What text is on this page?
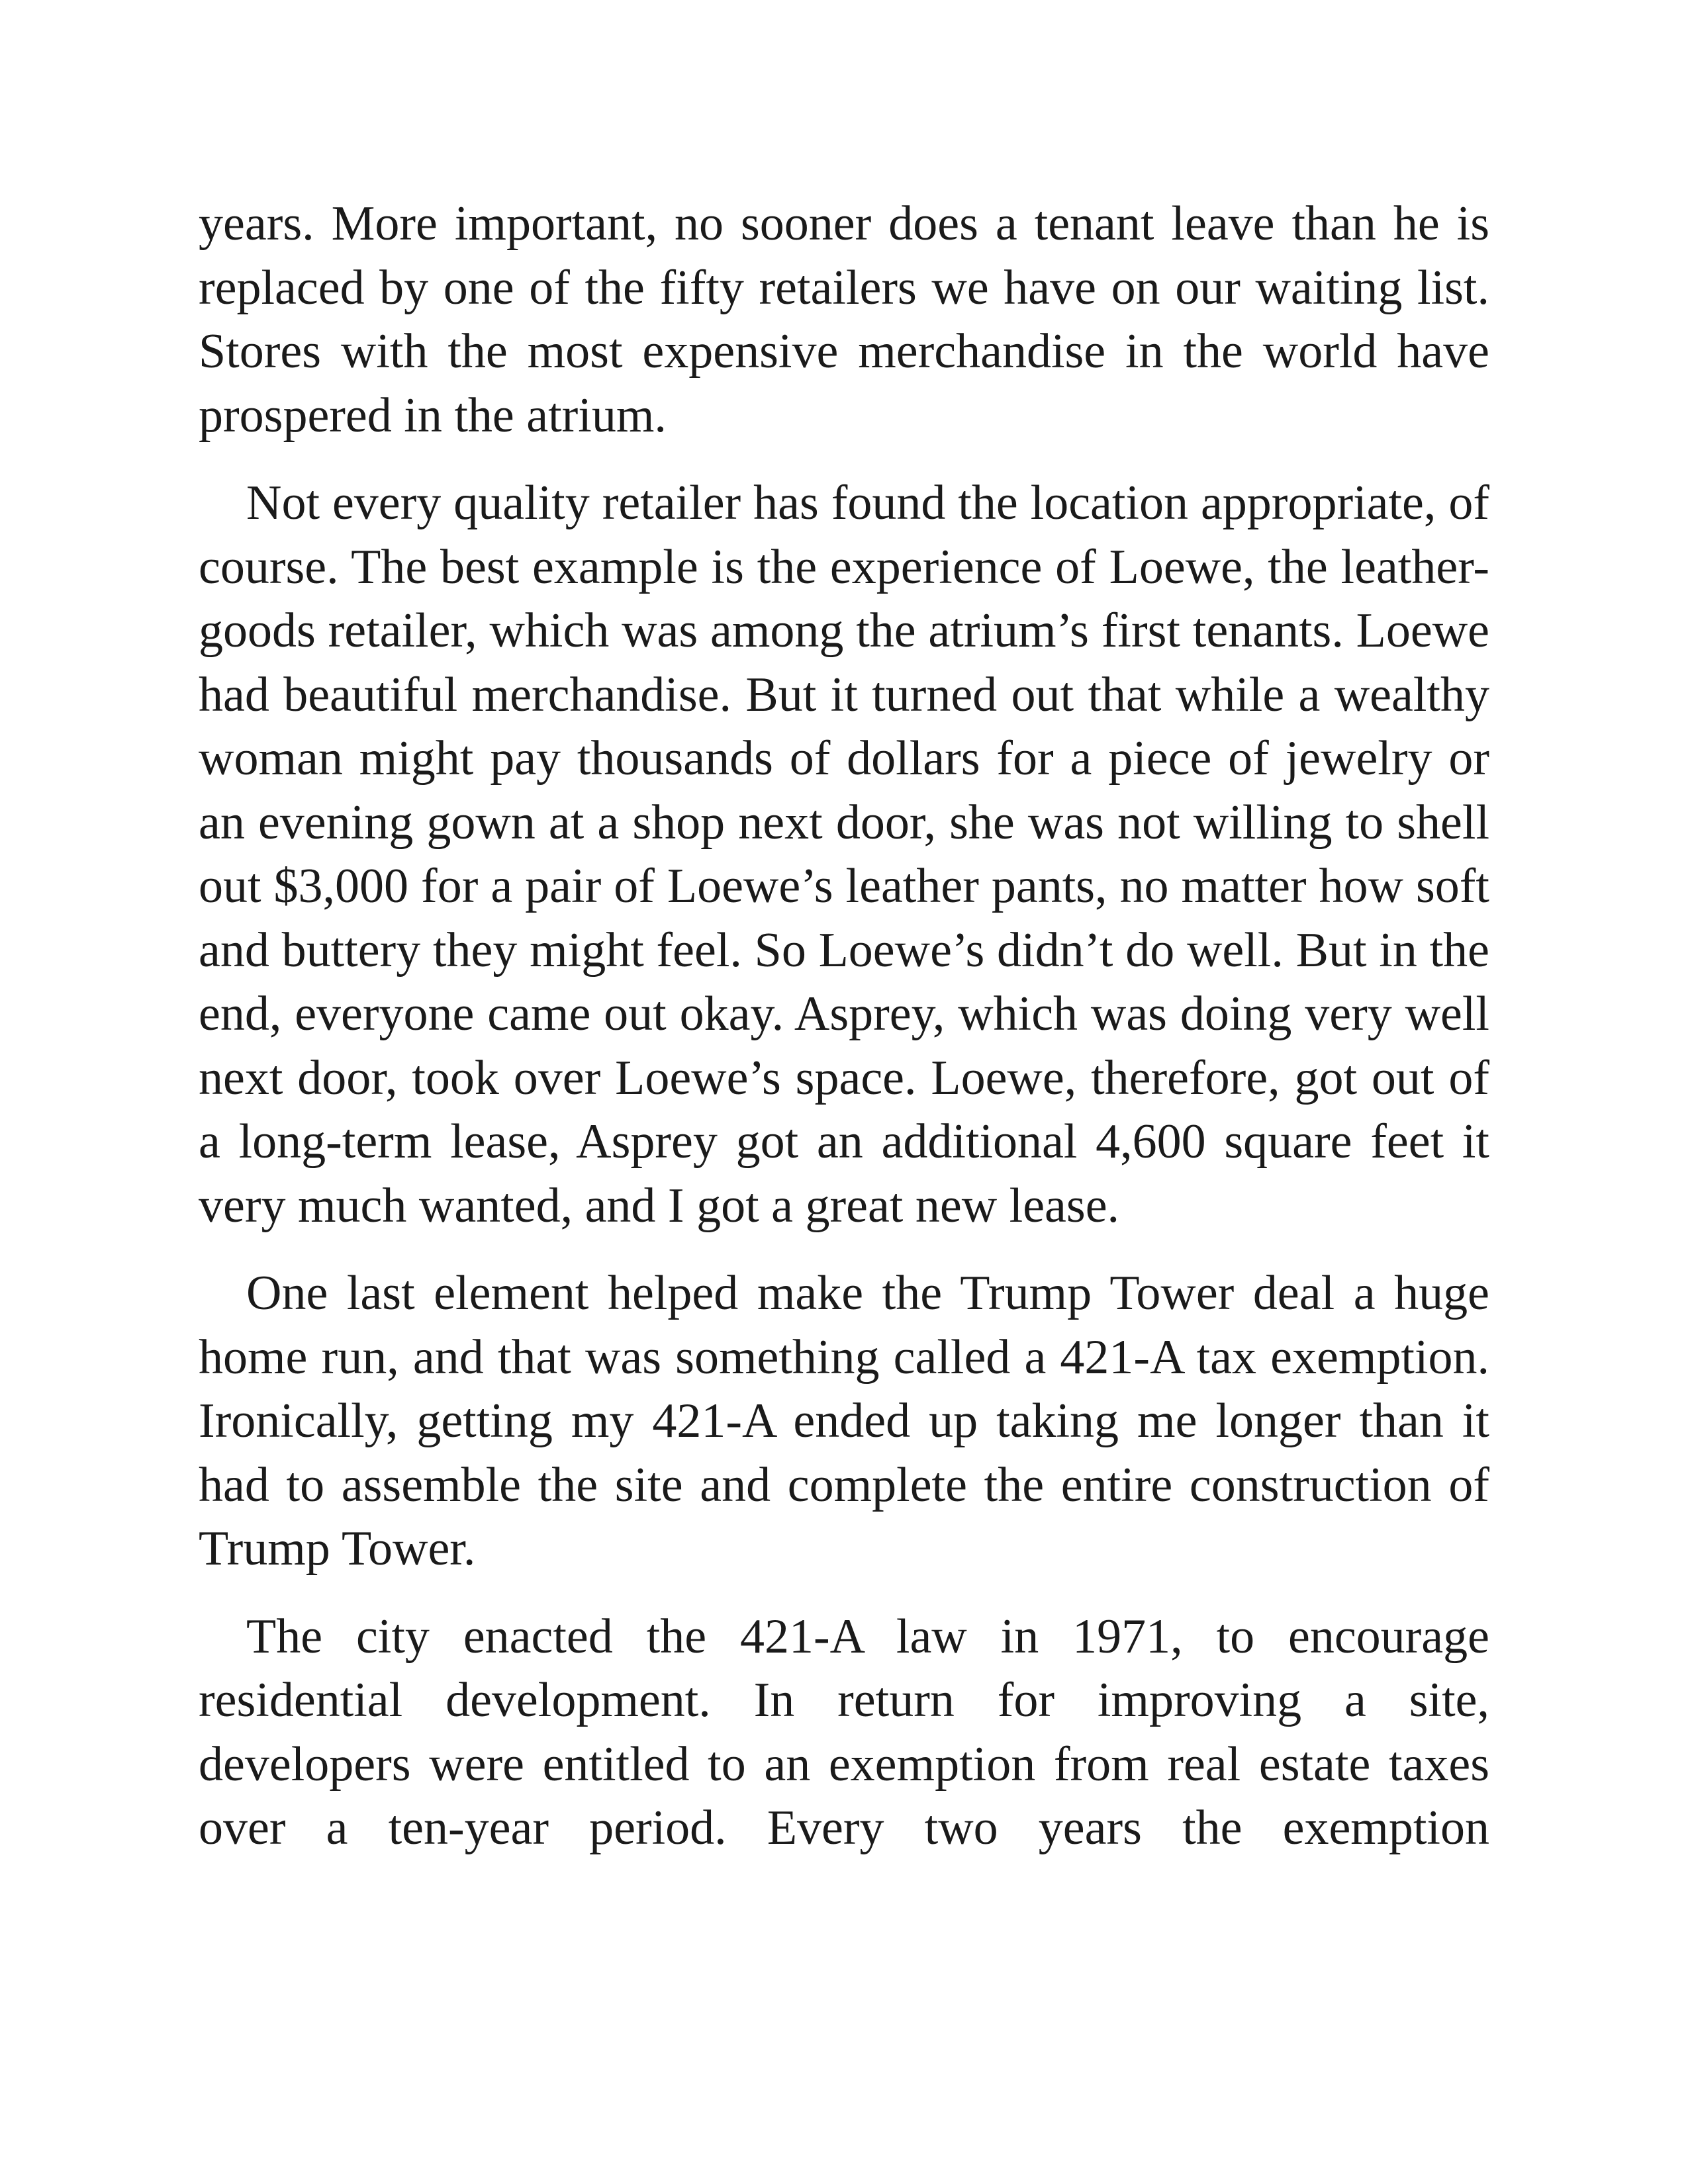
years. More important, no sooner does a tenant leave than he is replaced by one of the fifty retailers we have on our waiting list. Stores with the most expensive merchandise in the world have prospered in the atrium.

Not every quality retailer has found the location appropriate, of course. The best example is the experience of Loewe, the leather-goods retailer, which was among the atrium’s first tenants. Loewe had beautiful merchandise. But it turned out that while a wealthy woman might pay thousands of dollars for a piece of jewelry or an evening gown at a shop next door, she was not willing to shell out $3,000 for a pair of Loewe’s leather pants, no matter how soft and buttery they might feel. So Loewe’s didn’t do well. But in the end, everyone came out okay. Asprey, which was doing very well next door, took over Loewe’s space. Loewe, therefore, got out of a long-term lease, Asprey got an additional 4,600 square feet it very much wanted, and I got a great new lease.

One last element helped make the Trump Tower deal a huge home run, and that was something called a 421-A tax exemption. Ironically, getting my 421-A ended up taking me longer than it had to assemble the site and complete the entire construction of Trump Tower.

The city enacted the 421-A law in 1971, to encourage residential development. In return for improving a site, developers were entitled to an exemption from real estate taxes over a ten-year period. Every two years the exemption
